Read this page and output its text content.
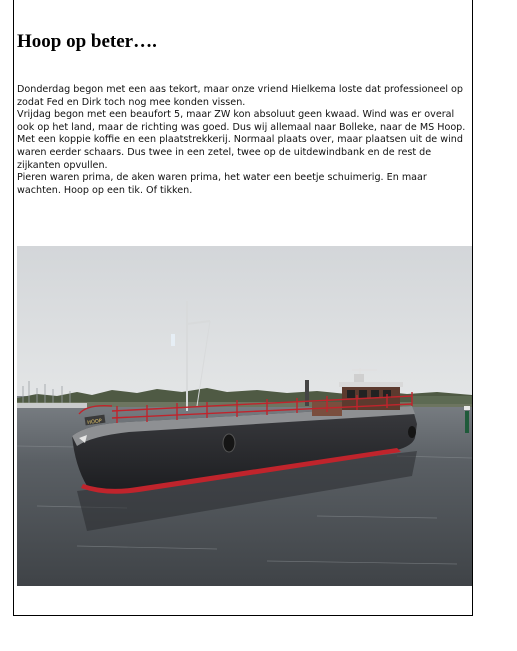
Hoop op beter….

Donderdag begon met een aas tekort, maar onze vriend Hielkema loste dat professioneel op zodat Fed en Dirk toch nog mee konden vissen.

Vrijdag begon met een beaufort 5, maar ZW kon absoluut geen kwaad. Wind was er overal ook op het land, maar de richting was goed. Dus wij allemaal naar Bolleke, naar de MS Hoop. Met een koppie koffie en een plaatstrekkerij. Normaal plaats over, maar plaatsen uit de wind waren eerder schaars. Dus twee in een zetel, twee op de uitdewindbank en de rest de zijkanten opvullen.

Pieren waren prima, de aken waren prima, het water een beetje schuimerig. En maar wachten. Hoop op een tik. Of tikken.

HOOP
